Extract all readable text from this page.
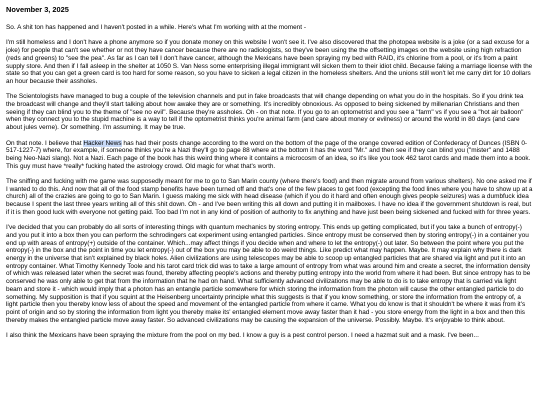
November 3, 2025

So. A shit ton has happened and I haven't posted in a while. Here's what I'm working with at the moment -

I'm still homeless and I don't have a phone anymore so if you donate money on this website I won't see it. I've also discovered that the photopea website is a joke (or a sad excuse for a joke) for people that can't see whether or not they have cancer because there are no radiologists, so they've been using the the offsetting images on the website using high refraction (reds and greens) to "see the pea". As far as I can tell I don't have cancer, although the Mexicans have been spraying my bed with RAID, it's chlorine from a pool, or it's from a paint supply store. And then if I fall asleep in the shelter at 1050 S. Van Ness some enterprising illegal immigrant will sicken them to their idiot child. Because faking a marriage license with the state so that you can get a green card is too hard for some reason, so you have to sicken a legal citizen in the homeless shelters. And the unions still won't let me carry dirt for 10 dollars an hour because their assholes.

The Scientologists have managed to bug a couple of the television channels and put in fake broadcasts that will change depending on what you do in the hospitals. So if you drink tea the broadcast will change and they'll start talking about how awake they are or something. It's incredibly obnoxious. As opposed to being sickened by millenarian Christians and then seeing if they can blind you to the theme of "see no evil". Because they're assholes. Oh - on that note. If you go to an optometrist and you see a "farm" vs if you see a "hot air balloon" when they connect you to the stupid machine is a way to tell if the optometrist thinks you're animal farm (and care about money or evilness) or around the world in 80 days (and care about jules verne). Or something. I'm assuming. It may be true.

On that note. I believe that Hacker News has had their posts change according to the word on the bottom of the page of the orange covered edition of Confederacy of Dunces (ISBN 0-517-1227-7) where, for example, if someone thinks you're a Nazi they'll go to page 88 where at the bottom it has the word "Mr." and then see if they can blind you ("mister" and 1488 being Neo-Nazi slang). Not a Nazi. Each page of the book has this weird thing where it contains a microcosm of an idea, so it's like you took 462 tarot cards and made them into a book. This guy must have *really* fucking hated the astrology crowd. Old magic for what that's worth.

The sniffing and fucking with me game was supposedly meant for me to go to San Marin county (where there's food) and then migrate around from various shelters). No one asked me if I wanted to do this. And now that all of the food stamp benefits have been turned off and that's one of the few places to get food (excepting the food lines where you have to show up at a church) all of the crazies are going to go to San Marin. I guess making me sick with head disease (which if you do it hard and often enough gives people seizures) was a dumbfuck idea because I spent the last three years writing all of this shit down. Oh - and I've been writing this all down and putting it in mailboxes. I have no idea if the government shutdown is real, but if it is then good luck with everyone not getting paid. Too bad I'm not in any kind of position of authority to fix anything and have just been being sickened and fucked with for three years.

I've decided that you can probably do all sorts of interesting things with quantum mechanics by storing entropy. This ends up getting complicated, but if you take a bunch of entropy(-) and you put it into a box then you can perform the schrodingers cat experiment using entangled particles. Since entropy must be conserved then by storing entropy(-) in a container you end up with areas of entropy(+) outside of the container. Which...may affect things if you decide when and where to let the entropy(-) out later. So between the point where you put the entropy(-) in the box and the point in time you let entropy(-) out of the box you may be able to do weird things. Like predict what may happen. Maybe. It may explain why there is dark energy in the universe that isn't explained by black holes. Alien civilizations are using telescopes may be able to scoop up entangled particles that are shared via light and put it into an entropy container. What Timothy Kennedy Toole and his tarot card trick did was to take a large amount of entropy from what was around him and create a secret, the information density of which was released later when the secret was found, thereby affecting people's actions and thereby putting entropy into the world from where it had been. But since entropy has to be conserved he was only able to get that from the information that he had on hand. What sufficiently advanced civilizations may be able to do is to take entropy that is carried via light beam and store it - which would imply that a photon has an entangle particle somewhere for which storing the information from the photon will cause the other entangled particle to do something. My supposition is that if you squint at the Heisenberg uncertainty principle what this suggests is that if you know something, or store the information from the entropy of, a light particle then you thereby know less of about the speed and movement of the entangled particle from where it came. What you do know is that it shouldn't be where it was from it's point of origin and so by storing the information from light you thereby make its' entangled element move away faster than it had - you store energy from the light in a box and then this thereby makes the entangled particle move away faster. So advanced civilizations may be causing the expansion of the universe. Possibly. Maybe. It's enjoyable to think about.

I also think the Mexicans have been spraying the mixture from the pool on my bed. I know a guy is a pest control person. I need a hazmat suit and a mask. I've been...
